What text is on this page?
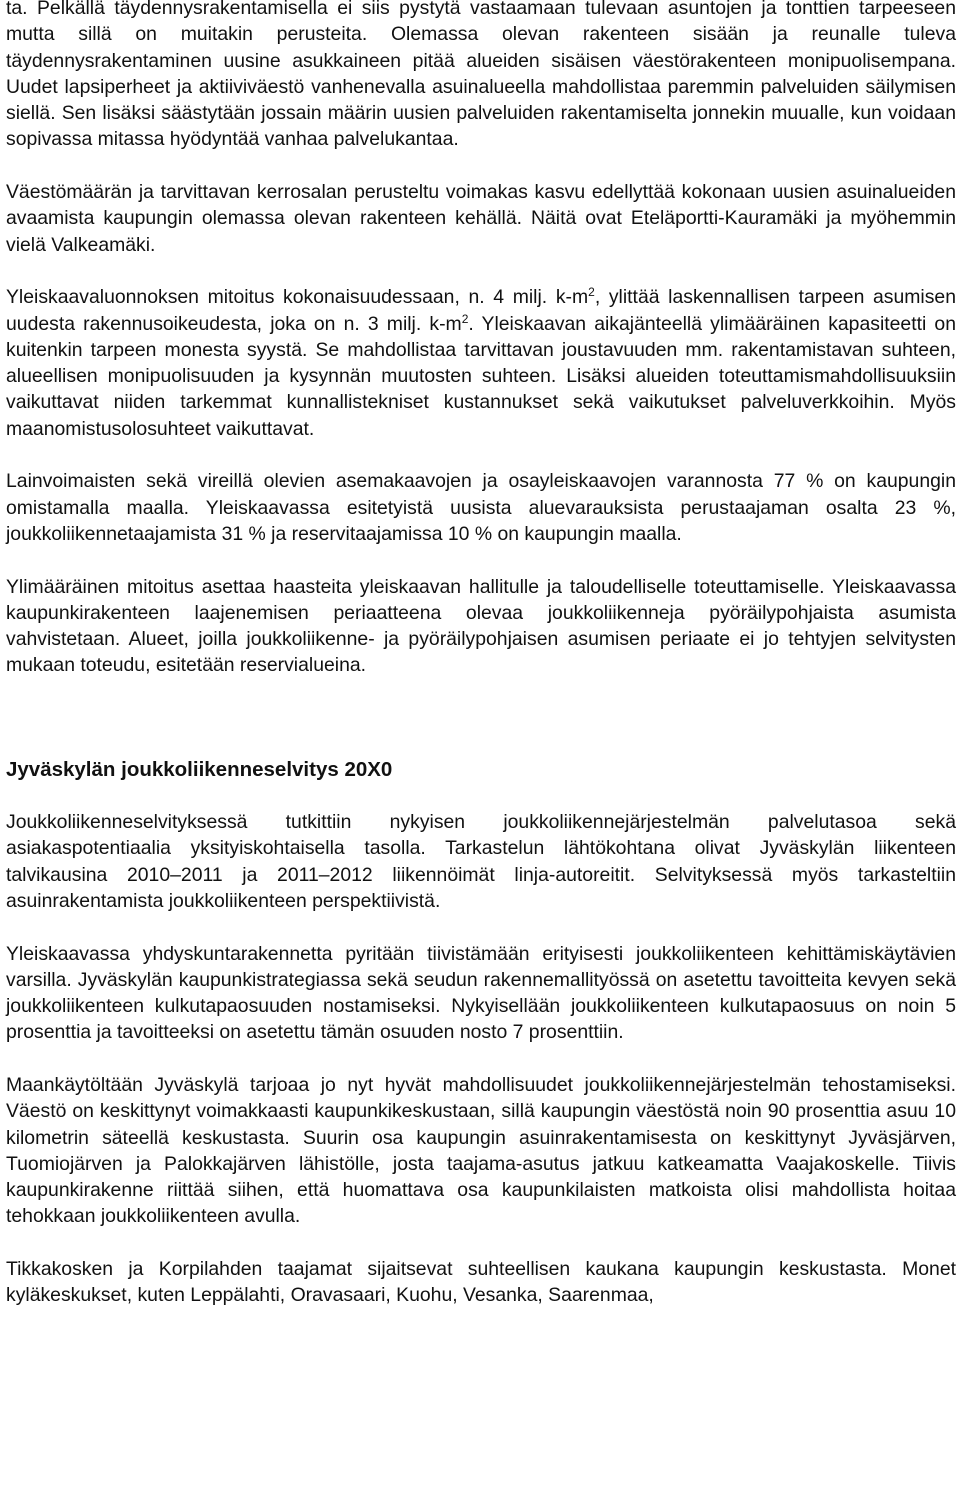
ta. Pelkällä täydennysrakentamisella ei siis pystytä vastaamaan tulevaan asuntojen ja tonttien tarpeeseen mutta sillä on muitakin perusteita. Olemassa olevan rakenteen sisään ja reunalle tuleva täydennysrakentaminen uusine asukkaineen pitää alueiden sisäisen väestörakenteen monipuolisempana. Uudet lapsiperheet ja aktiiviväestö vanhenevalla asuinalueella mahdollistaa paremmin palveluiden säilymisen siellä. Sen lisäksi säästytään jossain määrin uusien palveluiden rakentamiselta jonnekin muualle, kun voidaan sopivassa mitassa hyödyntää vanhaa palvelukantaa.

Väestömäärän ja tarvittavan kerrosalan perusteltu voimakas kasvu edellyttää kokonaan uusien asuinalueiden avaamista kaupungin olemassa olevan rakenteen kehällä. Näitä ovat Eteläportti-Kauramäki ja myöhemmin vielä Valkeamäki.

Yleiskaavaluonnoksen mitoitus kokonaisuudessaan, n. 4 milj. $k-m^2$, ylittää laskennallisen tarpeen asumisen uudesta rakennusoikeudesta, joka on n. 3 milj. $k-m^2$. Yleiskaavan aikajänteellä ylimääräinen kapasiteetti on kuitenkin tarpeen monesta syystä. Se mahdollistaa tarvittavan joustavuuden mm. rakentamistavan suhteen, alueellisen monipuolisuuden ja kysynnän muutosten suhteen. Lisäksi alueiden toteuttamismahdollisuuksiin vaikuttavat niiden tarkemmat kunnallistekniset kustannukset sekä vaikutukset palveluverkkoihin. Myös maanomistusolosuhteet vaikuttavat.

Lainvoimaisten sekä vireillä olevien asemakaavojen ja osayleiskaavojen varannosta 77 % on kaupungin omistamalla maalla. Yleiskaavassa esitetyistä uusista aluevarauksista perustaajaman osalta 23 %, joukkoliikennetaajamista 31 % ja reservitaajamissa 10 % on kaupungin maalla.

Ylimääräinen mitoitus asettaa haasteita yleiskaavan hallitulle ja taloudelliselle toteuttamiselle. Yleiskaavassa kaupunkirakenteen laajenemisen periaatteena olevaa joukkoliikenneja pyöräilypohjaista asumista vahvistetaan. Alueet, joilla joukkoliikenne- ja pyöräilypohjaisen asumisen periaate ei jo tehtyjen selvitysten mukaan toteudu, esitetään reservialueina.

Jyväskylän joukkoliikenneselvitys 20X0

Joukkoliikenneselvityksessä tutkittiin nykyisen joukkoliikennejärjestelmän palvelutasoa sekä asiakaspotentiaalia yksityiskohtaisella tasolla. Tarkastelun lähtökohtana olivat Jyväskylän liikenteen talvikausina 2010–2011 ja 2011–2012 liikennöimät linja-autoreitit. Selvityksessä myös tarkasteltiin asuinrakentamista joukkoliikenteen perspektiivistä.

Yleiskaavassa yhdyskuntarakennetta pyritään tiivistämään erityisesti joukkoliikenteen kehittämiskäytävien varsilla. Jyväskylän kaupunkistrategiassa sekä seudun rakennemallityössä on asetettu tavoitteita kevyen sekä joukkoliikenteen kulkutapaosuuden nostamiseksi. Nykyisellään joukkoliikenteen kulkutapaosuus on noin 5 prosenttia ja tavoitteeksi on asetettu tämän osuuden nosto 7 prosenttiin.

Maankäytöltään Jyväskylä tarjoaa jo nyt hyvät mahdollisuudet joukkoliikennejärjestelmän tehostamiseksi. Väestö on keskittynyt voimakkaasti kaupunkikeskustaan, sillä kaupungin väestöstä noin 90 prosenttia asuu 10 kilometrin säteellä keskustasta. Suurin osa kaupungin asuinrakentamisesta on keskittynyt Jyväsjärven, Tuomiojärven ja Palokkajärven lähistölle, josta taajama-asutus jatkuu katkeamatta Vaajakoskelle. Tiivis kaupunkirakenne riittää siihen, että huomattava osa kaupunkilaisten matkoista olisi mahdollista hoitaa tehokkaan joukkoliikenteen avulla.

Tikkakosken ja Korpilahden taajamat sijaitsevat suhteellisen kaukana kaupungin keskustasta. Monet kyläkeskukset, kuten Leppälahti, Oravasaari, Kuohu, Vesanka, Saarenmaa,
